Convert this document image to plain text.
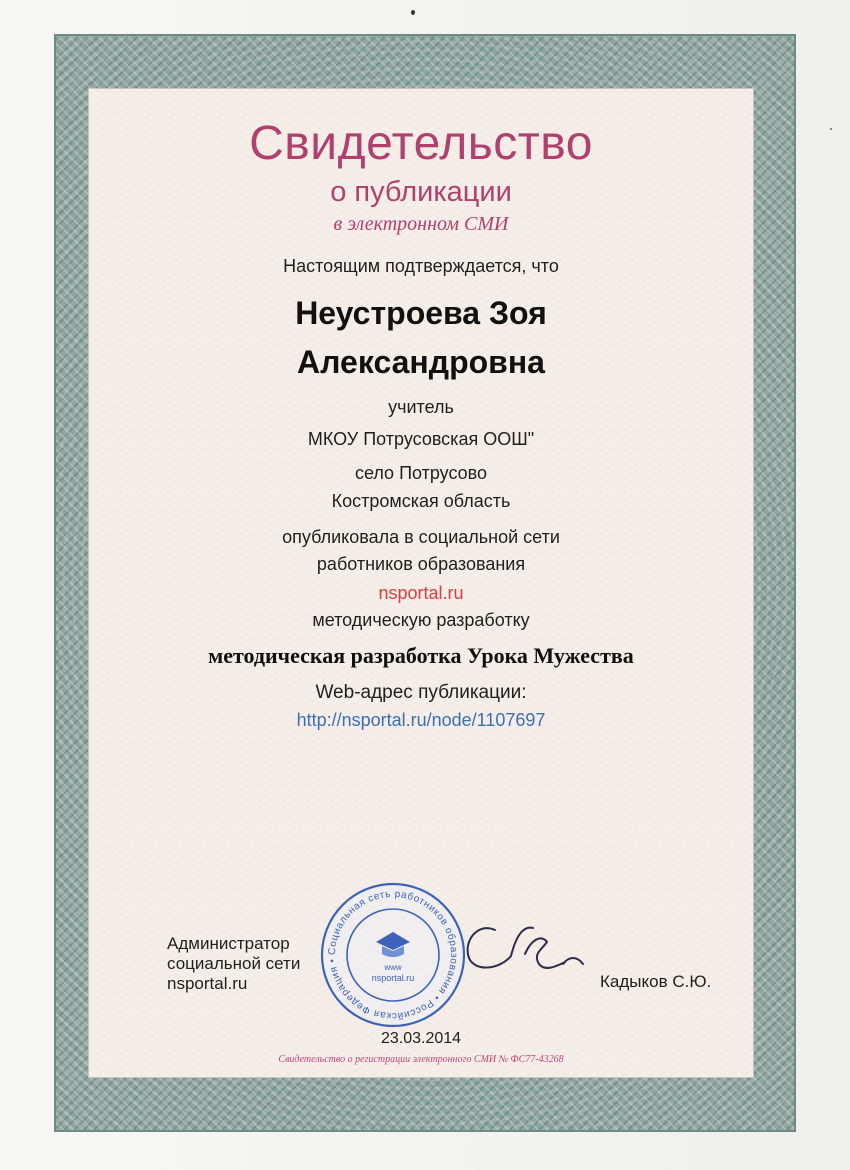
Свидетельство
о публикации
в электронном СМИ
Настоящим подтверждается, что
Неустроева Зоя
Александровна
учитель
МКОУ Потрусовская ООШ"
село Потрусово
Костромская область
опубликовала в социальной сети
работников образования
nsportal.ru
методическую разработку
методическая разработка Урока Мужества
Web-адрес публикации:
http://nsportal.ru/node/1107697
Администратор
социальной сети
nsportal.ru
Социальная сеть работников образования • Российская Федерация •
www
nsportal.ru	Кадыков С.Ю.
23.03.2014
Свидетельство о регистрации электронного СМИ № ФС77-43268
